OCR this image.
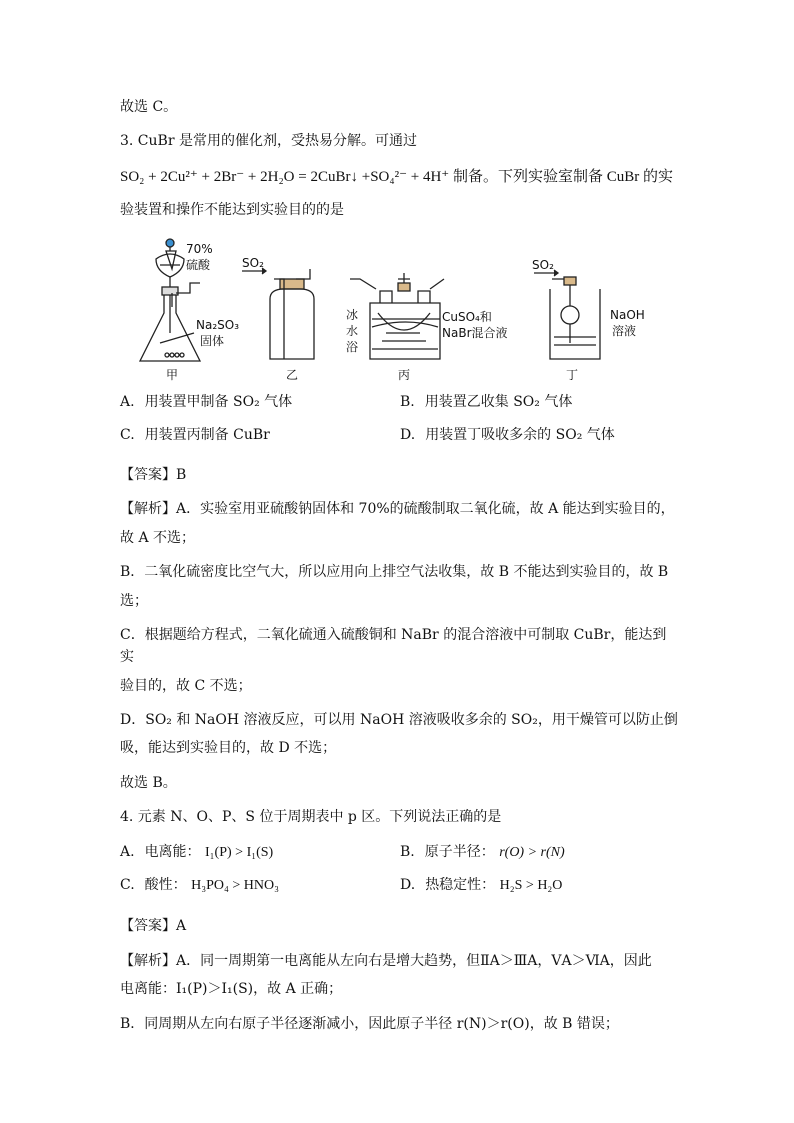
故选 C。

3. CuBr 是常用的催化剂，受热易分解。可通过

SO₂ + 2Cu²⁺ + 2Br⁻ + 2H₂O = 2CuBr↓ +SO₄²⁻ + 4H⁺ 制备。下列实验室制备 CuBr 的实

验装置和操作不能达到实验目的的是

70%
硫酸
Na₂SO₃
固体
甲
SO₂
乙
冰
水
浴
CuSO₄和
NaBr混合液
丙
SO₂
NaOH
溶液
丁
A. 用装置甲制备 SO₂ 气体	B. 用装置乙收集 SO₂ 气体
C. 用装置丙制备 CuBr	D. 用装置丁吸收多余的 SO₂ 气体

【答案】B

【解析】A．实验室用亚硫酸钠固体和 70%的硫酸制取二氧化硫，故 A 能达到实验目的，

故 A 不选；

B．二氧化硫密度比空气大，所以应用向上排空气法收集，故 B 不能达到实验目的，故 B

选；

C．根据题给方程式，二氧化硫通入硫酸铜和 NaBr 的混合溶液中可制取 CuBr，能达到实

验目的，故 C 不选；

D．SO₂ 和 NaOH 溶液反应，可以用 NaOH 溶液吸收多余的 SO₂，用干燥管可以防止倒

吸，能达到实验目的，故 D 不选；

故选 B。

4. 元素 N、O、P、S 位于周期表中 p 区。下列说法正确的是

A. 电离能： I₁(P) > I₁(S)	B. 原子半径： r(O) > r(N)
C. 酸性： H₃PO₄ > HNO₃	D. 热稳定性： H₂S > H₂O

【答案】A

【解析】A．同一周期第一电离能从左向右是增大趋势，但ⅡA＞ⅢA，ⅤA＞ⅥA，因此

电离能：I₁(P)＞I₁(S)，故 A 正确；

B．同周期从左向右原子半径逐渐减小，因此原子半径 r(N)＞r(O)，故 B 错误；
